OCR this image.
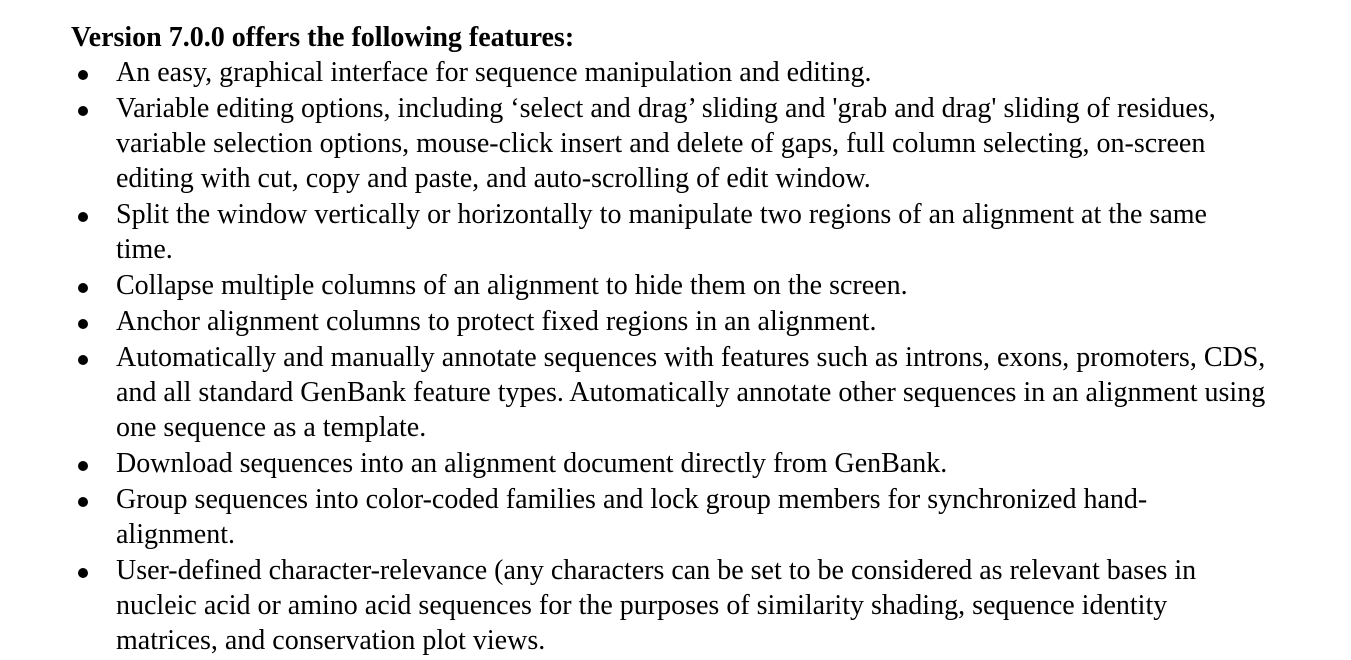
Version 7.0.0 offers the following features:

An easy, graphical interface for sequence manipulation and editing.
Variable editing options, including ‘select and drag’ sliding and 'grab and drag' sliding of residues, variable selection options, mouse-click insert and delete of gaps, full column selecting, on-screen editing with cut, copy and paste, and auto-scrolling of edit window.
Split the window vertically or horizontally to manipulate two regions of an alignment at the same time.
Collapse multiple columns of an alignment to hide them on the screen.
Anchor alignment columns to protect fixed regions in an alignment.
Automatically and manually annotate sequences with features such as introns, exons, promoters, CDS, and all standard GenBank feature types. Automatically annotate other sequences in an alignment using one sequence as a template.
Download sequences into an alignment document directly from GenBank.
Group sequences into color-coded families and lock group members for synchronized hand-alignment.
User-defined character-relevance (any characters can be set to be considered as relevant bases in nucleic acid or amino acid sequences for the purposes of similarity shading, sequence identity matrices, and conservation plot views.
